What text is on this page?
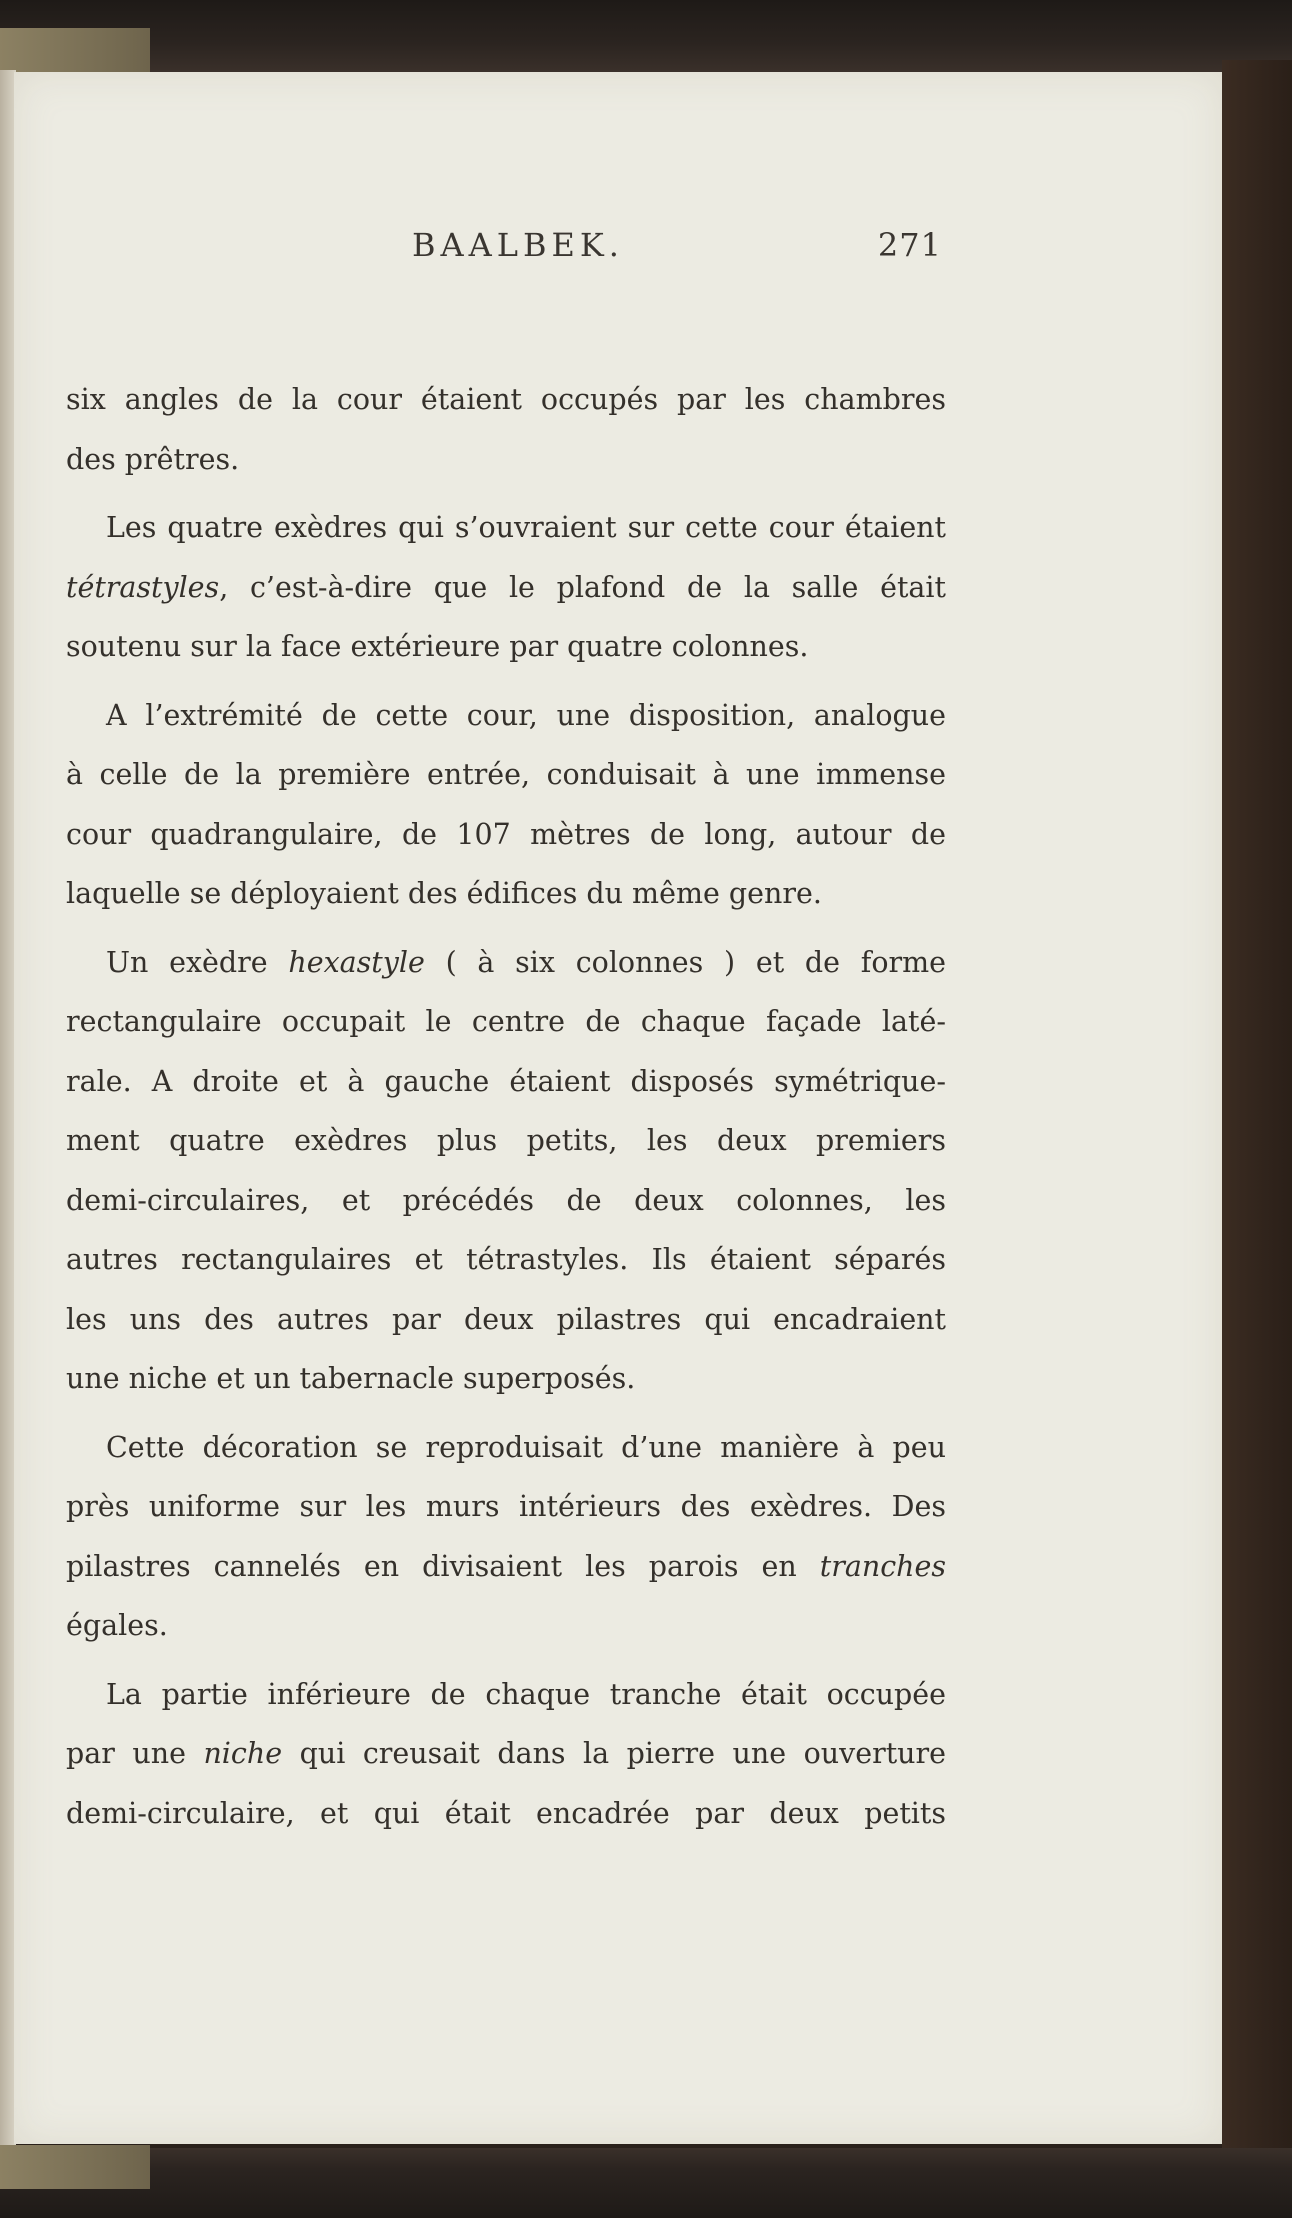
BAALBEK.	271
six angles de la cour étaient occupés par les chambres
des prêtres.
Les quatre exèdres qui s’ouvraient sur cette cour étaient
tétrastyles, c’est-à-dire que le plafond de la salle était
soutenu sur la face extérieure par quatre colonnes.
A l’extrémité de cette cour, une disposition, analogue
à celle de la première entrée, conduisait à une immense
cour quadrangulaire, de 107 mètres de long, autour de
laquelle se déployaient des édifices du même genre.
Un exèdre hexastyle ( à six colonnes ) et de forme
rectangulaire occupait le centre de chaque façade laté-
rale. A droite et à gauche étaient disposés symétrique-
ment quatre exèdres plus petits, les deux premiers
demi-circulaires, et précédés de deux colonnes, les
autres rectangulaires et tétrastyles. Ils étaient séparés
les uns des autres par deux pilastres qui encadraient
une niche et un tabernacle superposés.
Cette décoration se reproduisait d’une manière à peu
près uniforme sur les murs intérieurs des exèdres. Des
pilastres cannelés en divisaient les parois en tranches
égales.
La partie inférieure de chaque tranche était occupée
par une niche qui creusait dans la pierre une ouverture
demi-circulaire, et qui était encadrée par deux petits
